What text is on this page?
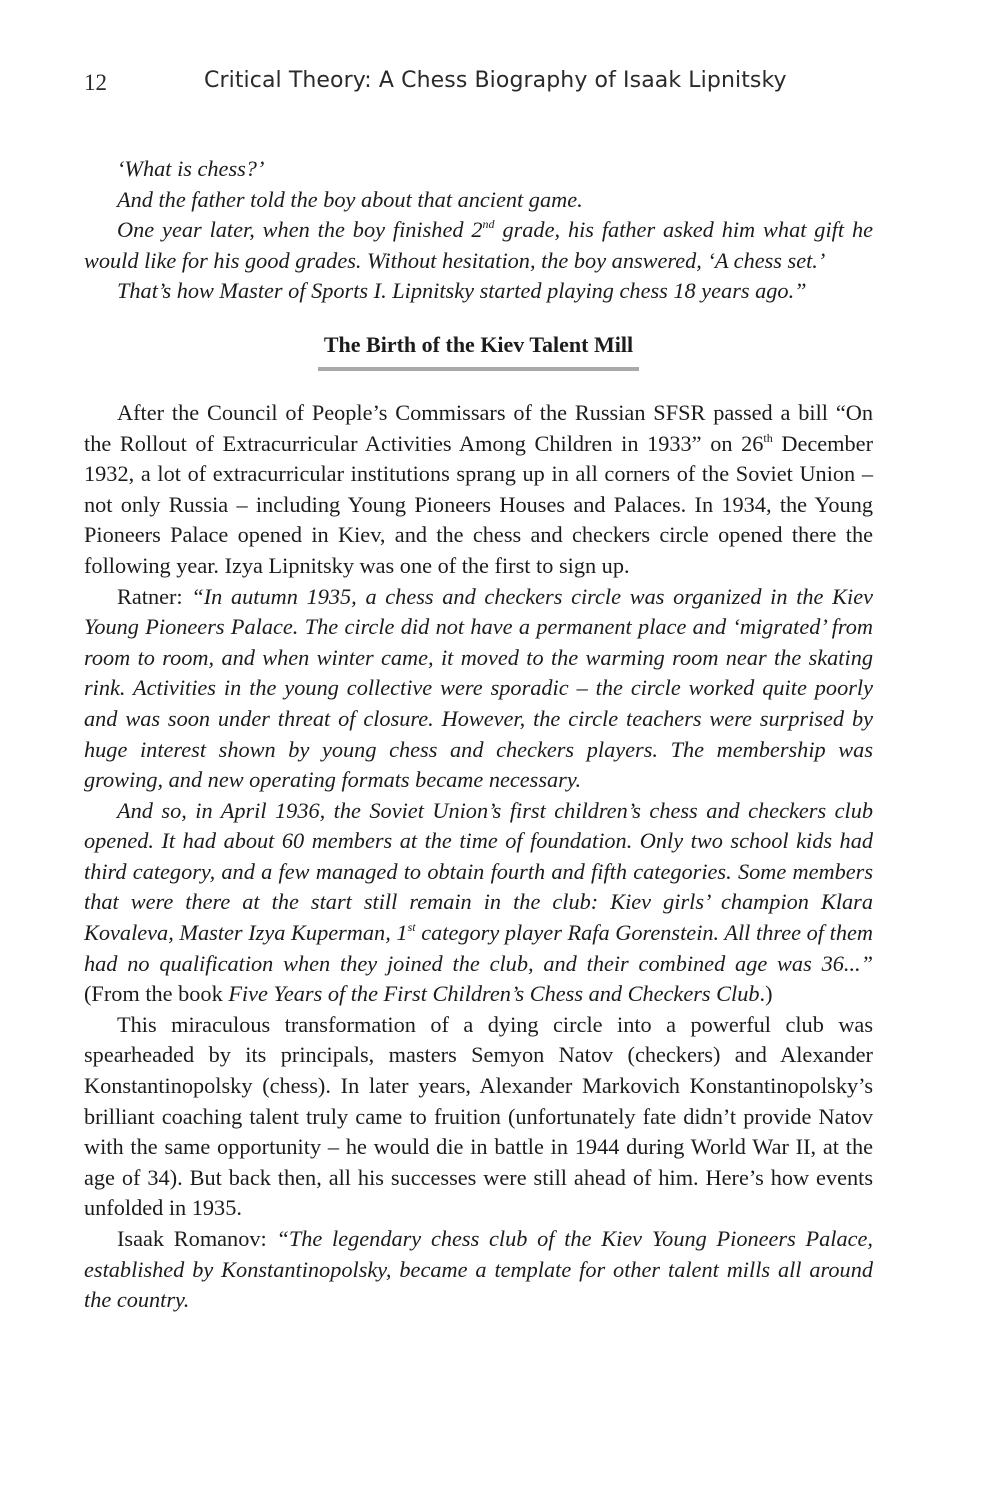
12	Critical Theory: A Chess Biography of Isaak Lipnitsky

‘What is chess?’

And the father told the boy about that ancient game.

One year later, when the boy finished 2nd grade, his father asked him what gift he would like for his good grades. Without hesitation, the boy answered, ‘A chess set.’

That’s how Master of Sports I. Lipnitsky started playing chess 18 years ago.”

The Birth of the Kiev Talent Mill

After the Council of People’s Commissars of the Russian SFSR passed a bill “On the Rollout of Extracurricular Activities Among Children in 1933” on 26th December 1932, a lot of extracurricular institutions sprang up in all corners of the Soviet Union – not only Russia – including Young Pioneers Houses and Palaces. In 1934, the Young Pioneers Palace opened in Kiev, and the chess and checkers circle opened there the following year. Izya Lipnitsky was one of the first to sign up.

Ratner: “In autumn 1935, a chess and checkers circle was organized in the Kiev Young Pioneers Palace. The circle did not have a permanent place and ‘migrated’ from room to room, and when winter came, it moved to the warming room near the skating rink. Activities in the young collective were sporadic – the circle worked quite poorly and was soon under threat of closure. However, the circle teachers were surprised by huge interest shown by young chess and checkers players. The membership was growing, and new operating formats became necessary.

And so, in April 1936, the Soviet Union’s first children’s chess and checkers club opened. It had about 60 members at the time of foundation. Only two school kids had third category, and a few managed to obtain fourth and fifth categories. Some members that were there at the start still remain in the club: Kiev girls’ champion Klara Kovaleva, Master Izya Kuperman, 1st category player Rafa Gorenstein. All three of them had no qualification when they joined the club, and their combined age was 36...” (From the book Five Years of the First Children’s Chess and Checkers Club.)

This miraculous transformation of a dying circle into a powerful club was spearheaded by its principals, masters Semyon Natov (checkers) and Alexander Konstantinopolsky (chess). In later years, Alexander Markovich Konstantinopolsky’s brilliant coaching talent truly came to fruition (unfortunately fate didn’t provide Natov with the same opportunity – he would die in battle in 1944 during World War II, at the age of 34). But back then, all his successes were still ahead of him. Here’s how events unfolded in 1935.

Isaak Romanov: “The legendary chess club of the Kiev Young Pioneers Palace, established by Konstantinopolsky, became a template for other talent mills all around the country.
